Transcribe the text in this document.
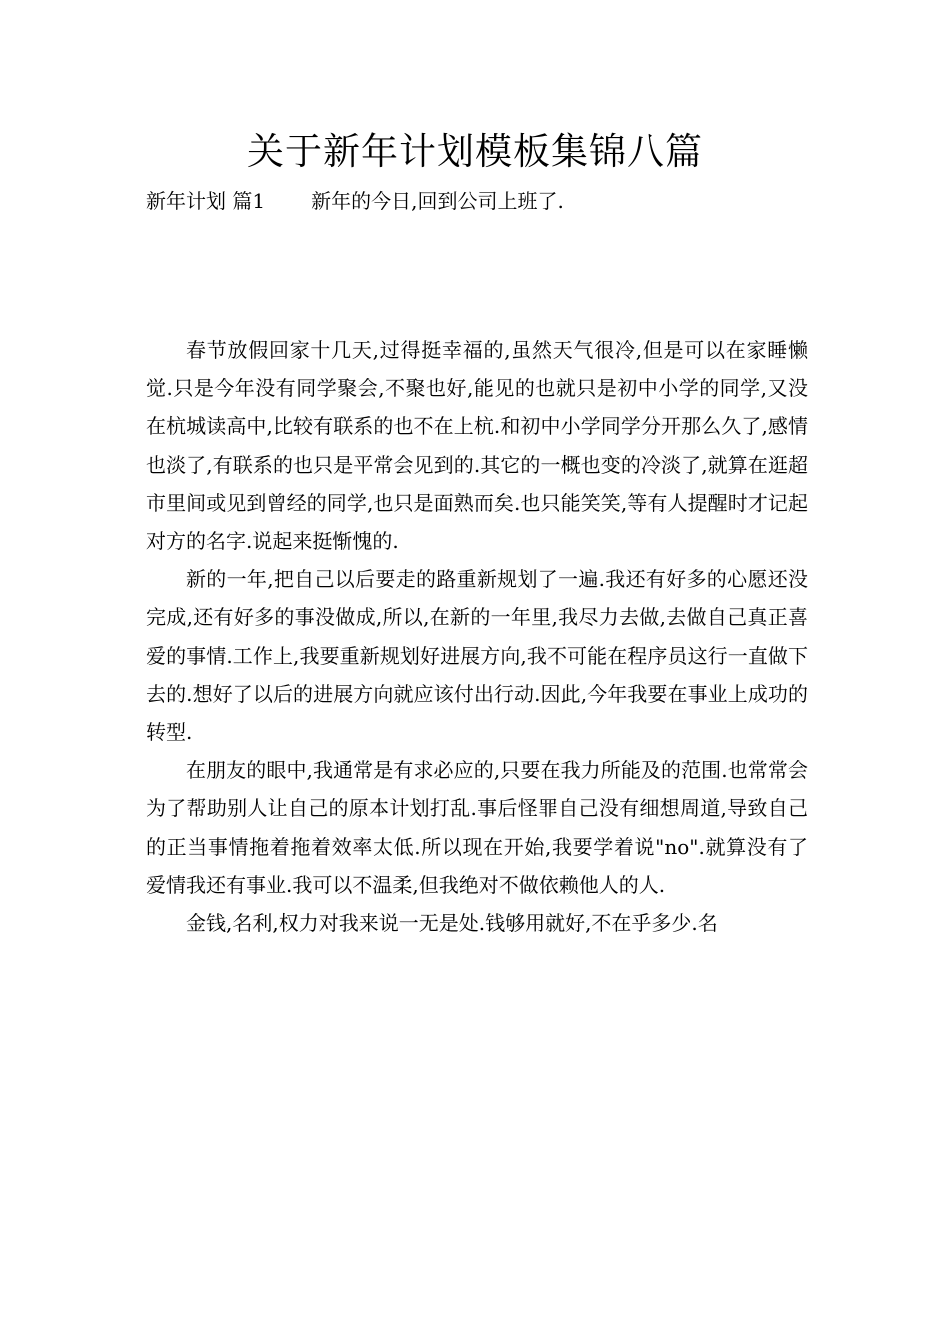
关于新年计划模板集锦八篇
新年计划 篇1 新年的今日,回到公司上班了.

春节放假回家十几天,过得挺幸福的,虽然天气很冷,但是可以在家睡懒觉.只是今年没有同学聚会,不聚也好,能见的也就只是初中小学的同学,又没在杭城读高中,比较有联系的也不在上杭.和初中小学同学分开那么久了,感情也淡了,有联系的也只是平常会见到的.其它的一概也变的冷淡了,就算在逛超市里间或见到曾经的同学,也只是面熟而矣.也只能笑笑,等有人提醒时才记起对方的名字.说起来挺惭愧的.

新的一年,把自己以后要走的路重新规划了一遍.我还有好多的心愿还没完成,还有好多的事没做成,所以,在新的一年里,我尽力去做,去做自己真正喜爱的事情.工作上,我要重新规划好进展方向,我不可能在程序员这行一直做下去的.想好了以后的进展方向就应该付出行动.因此,今年我要在事业上成功的转型.

在朋友的眼中,我通常是有求必应的,只要在我力所能及的范围.也常常会为了帮助别人让自己的原本计划打乱.事后怪罪自己没有细想周道,导致自己的正当事情拖着拖着效率太低.所以现在开始,我要学着说"no".就算没有了爱情我还有事业.我可以不温柔,但我绝对不做依赖他人的人.

金钱,名利,权力对我来说一无是处.钱够用就好,不在乎多少.名
